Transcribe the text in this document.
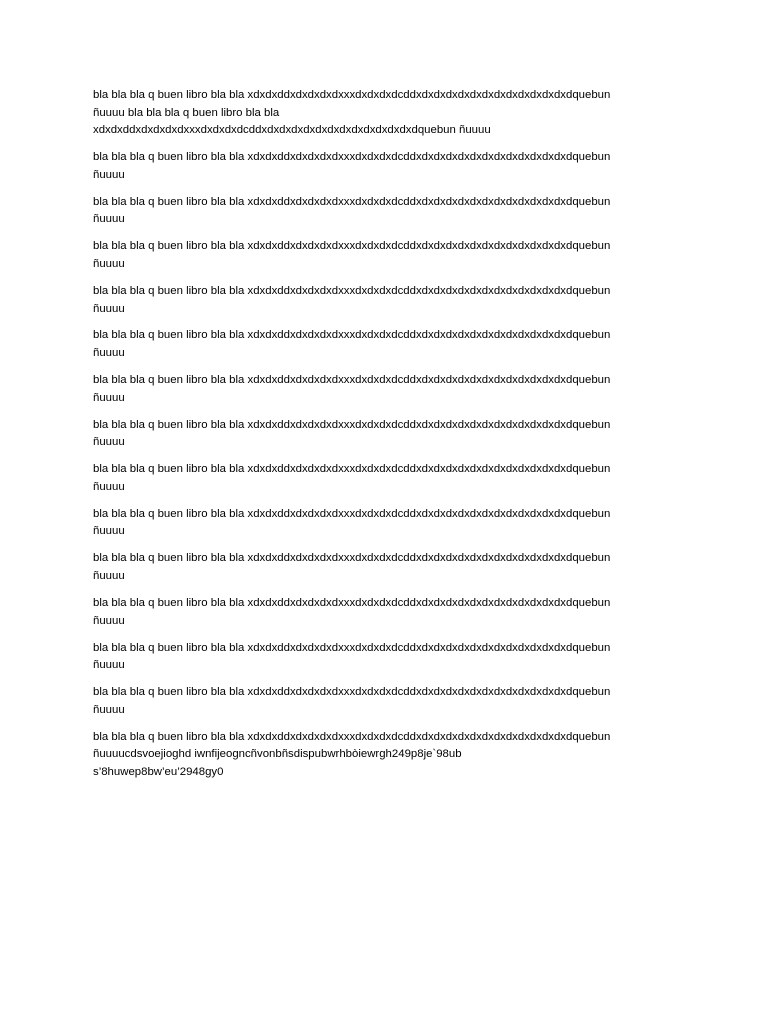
bla bla bla q buen libro bla bla xdxdxddxdxdxdxdxxxdxdxdxdcddxdxdxdxdxdxdxdxdxdxdxdxdxdquebun
ñuuuu bla bla bla q buen libro bla bla
xdxdxddxdxdxdxdxxxdxdxdxdcddxdxdxdxdxdxdxdxdxdxdxdxdxdquebun ñuuuu

bla bla bla q buen libro bla bla xdxdxddxdxdxdxdxxxdxdxdxdcddxdxdxdxdxdxdxdxdxdxdxdxdxdquebun
ñuuuu

bla bla bla q buen libro bla bla xdxdxddxdxdxdxdxxxdxdxdxdcddxdxdxdxdxdxdxdxdxdxdxdxdxdquebun
ñuuuu

bla bla bla q buen libro bla bla xdxdxddxdxdxdxdxxxdxdxdxdcddxdxdxdxdxdxdxdxdxdxdxdxdxdquebun
ñuuuu

bla bla bla q buen libro bla bla xdxdxddxdxdxdxdxxxdxdxdxdcddxdxdxdxdxdxdxdxdxdxdxdxdxdquebun
ñuuuu

bla bla bla q buen libro bla bla xdxdxddxdxdxdxdxxxdxdxdxdcddxdxdxdxdxdxdxdxdxdxdxdxdxdquebun
ñuuuu

bla bla bla q buen libro bla bla xdxdxddxdxdxdxdxxxdxdxdxdcddxdxdxdxdxdxdxdxdxdxdxdxdxdquebun
ñuuuu

bla bla bla q buen libro bla bla xdxdxddxdxdxdxdxxxdxdxdxdcddxdxdxdxdxdxdxdxdxdxdxdxdxdquebun
ñuuuu

bla bla bla q buen libro bla bla xdxdxddxdxdxdxdxxxdxdxdxdcddxdxdxdxdxdxdxdxdxdxdxdxdxdquebun
ñuuuu

bla bla bla q buen libro bla bla xdxdxddxdxdxdxdxxxdxdxdxdcddxdxdxdxdxdxdxdxdxdxdxdxdxdquebun
ñuuuu

bla bla bla q buen libro bla bla xdxdxddxdxdxdxdxxxdxdxdxdcddxdxdxdxdxdxdxdxdxdxdxdxdxdquebun
ñuuuu

bla bla bla q buen libro bla bla xdxdxddxdxdxdxdxxxdxdxdxdcddxdxdxdxdxdxdxdxdxdxdxdxdxdquebun
ñuuuu

bla bla bla q buen libro bla bla xdxdxddxdxdxdxdxxxdxdxdxdcddxdxdxdxdxdxdxdxdxdxdxdxdxdquebun
ñuuuu

bla bla bla q buen libro bla bla xdxdxddxdxdxdxdxxxdxdxdxdcddxdxdxdxdxdxdxdxdxdxdxdxdxdquebun
ñuuuu

bla bla bla q buen libro bla bla xdxdxddxdxdxdxdxxxdxdxdxdcddxdxdxdxdxdxdxdxdxdxdxdxdxdquebun
ñuuuucdsvoejioghd iwnfijeogncñvonbñsdispubwrhbòiewrgh249p8je`98ub
s’8huwep8bw’eu’2948gy0
